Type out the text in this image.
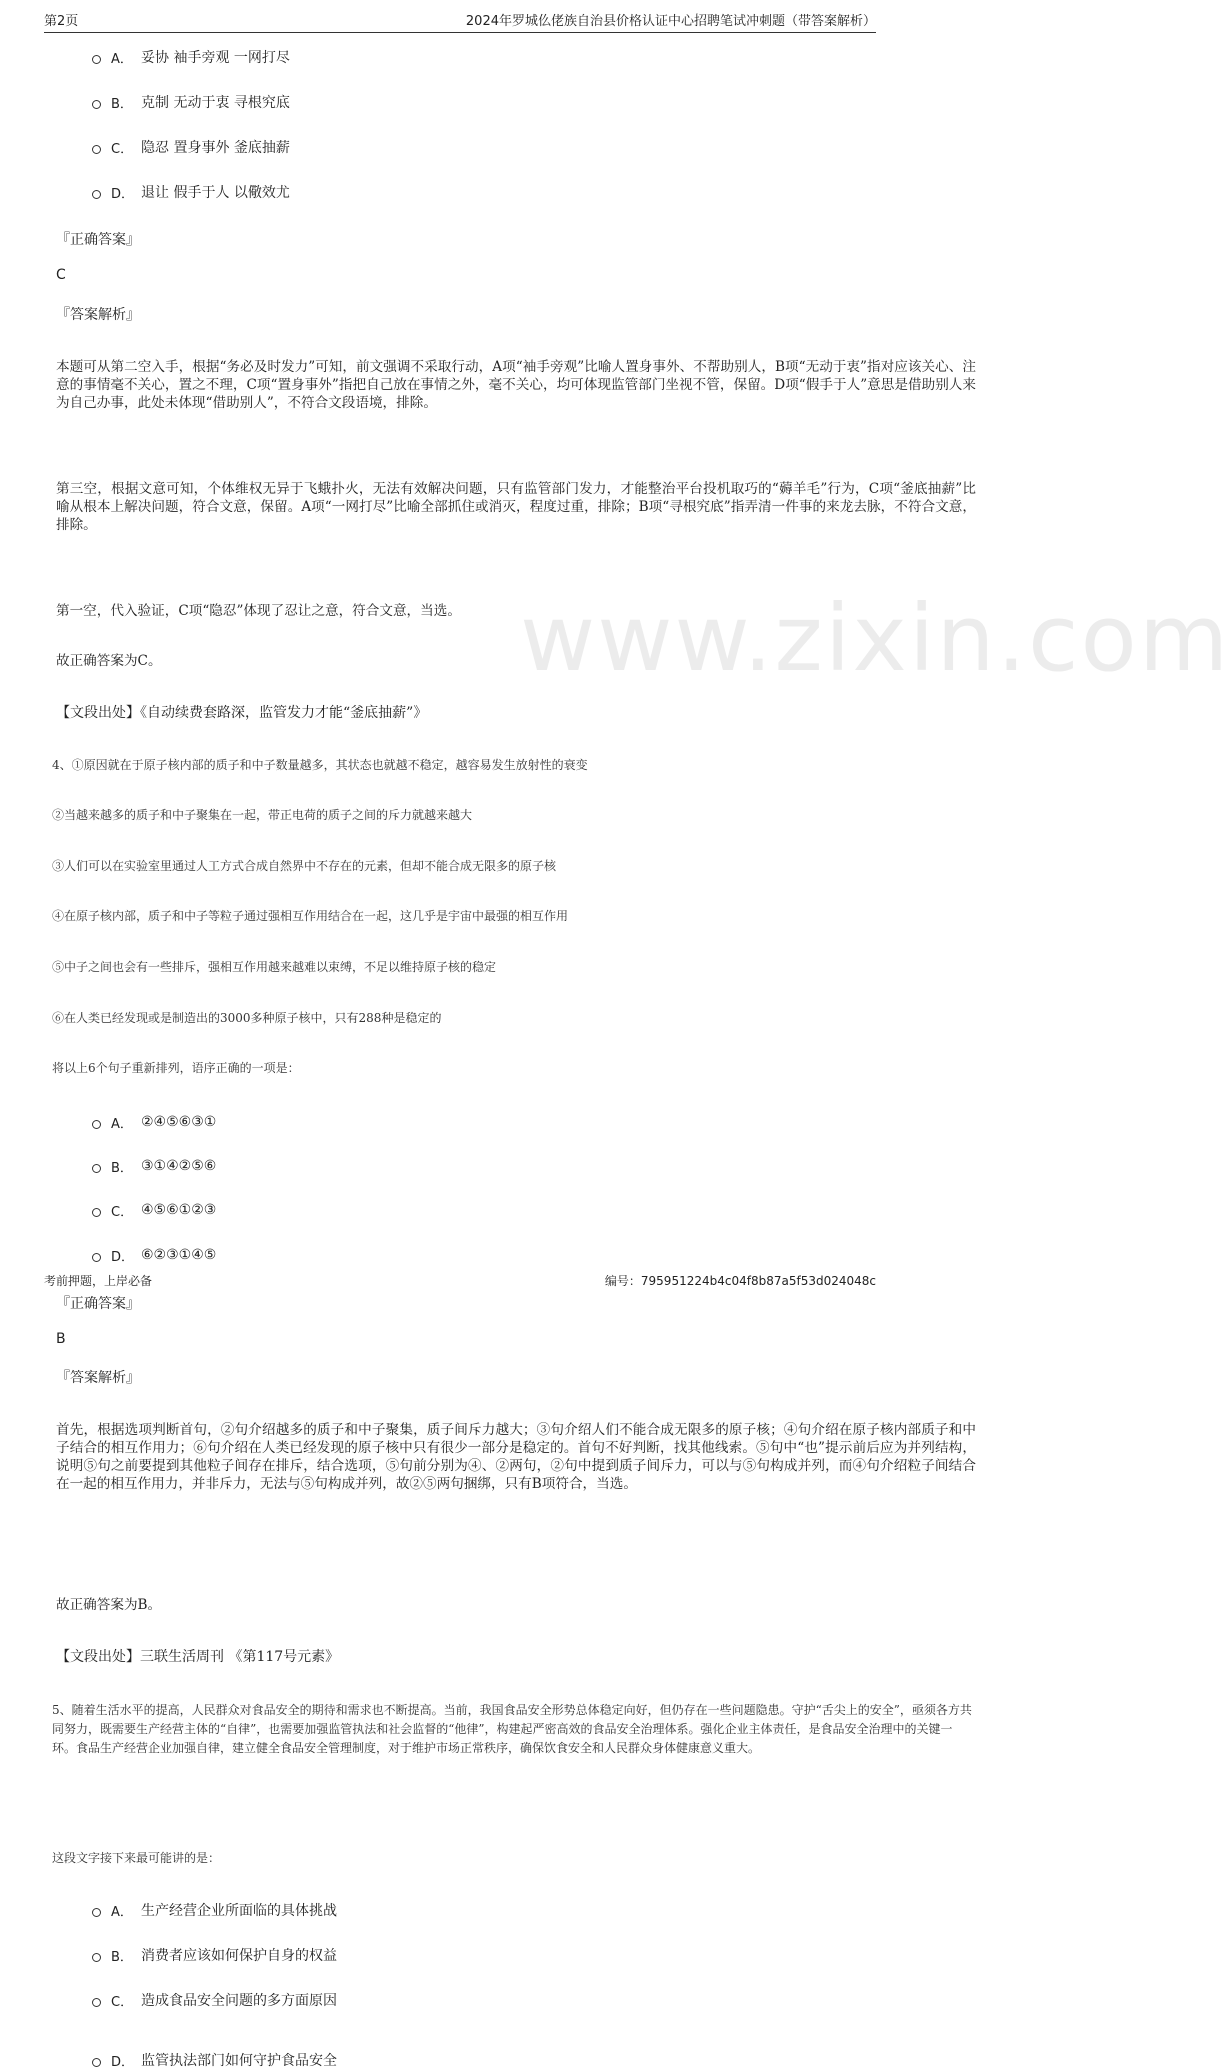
第2页	2024年罗城仫佬族自治县价格认证中心招聘笔试冲刺题（带答案解析）
www.zixin.com
A． 妥协 袖手旁观 一网打尽
B． 克制 无动于衷 寻根究底
C． 隐忍 置身事外 釜底抽薪
D． 退让 假手于人 以儆效尤
『正确答案』
C
『答案解析』
本题可从第二空入手，根据“务必及时发力”可知，前文强调不采取行动，A项“袖手旁观”比喻人置身事外、不帮助别人，B项“无动于衷”指对应该关心、注意的事情毫不关心，置之不理，C项“置身事外”指把自己放在事情之外，毫不关心，均可体现监管部门坐视不管，保留。D项“假手于人”意思是借助别人来为自己办事，此处未体现“借助别人”，不符合文段语境，排除。
第三空，根据文意可知，个体维权无异于飞蛾扑火，无法有效解决问题，只有监管部门发力，才能整治平台投机取巧的“薅羊毛”行为，C项“釜底抽薪”比喻从根本上解决问题，符合文意，保留。A项“一网打尽”比喻全部抓住或消灭，程度过重，排除；B项“寻根究底”指弄清一件事的来龙去脉，不符合文意，排除。
第一空，代入验证，C项“隐忍”体现了忍让之意，符合文意，当选。
故正确答案为C。
【文段出处】《自动续费套路深，监管发力才能“釜底抽薪”》
4、①原因就在于原子核内部的质子和中子数量越多，其状态也就越不稳定，越容易发生放射性的衰变
②当越来越多的质子和中子聚集在一起，带正电荷的质子之间的斥力就越来越大
③人们可以在实验室里通过人工方式合成自然界中不存在的元素，但却不能合成无限多的原子核
④在原子核内部，质子和中子等粒子通过强相互作用结合在一起，这几乎是宇宙中最强的相互作用
⑤中子之间也会有一些排斥，强相互作用越来越难以束缚，不足以维持原子核的稳定
⑥在人类已经发现或是制造出的3000多种原子核中，只有288种是稳定的
将以上6个句子重新排列，语序正确的一项是：
A． ②④⑤⑥③①
B． ③①④②⑤⑥
C． ④⑤⑥①②③
D． ⑥②③①④⑤
『正确答案』
B
『答案解析』
首先，根据选项判断首句，②句介绍越多的质子和中子聚集，质子间斥力越大；③句介绍人们不能合成无限多的原子核；④句介绍在原子核内部质子和中子结合的相互作用力；⑥句介绍在人类已经发现的原子核中只有很少一部分是稳定的。首句不好判断，找其他线索。⑤句中“也”提示前后应为并列结构，说明⑤句之前要提到其他粒子间存在排斥，结合选项，⑤句前分别为④、②两句，②句中提到质子间斥力，可以与⑤句构成并列，而④句介绍粒子间结合在一起的相互作用力，并非斥力，无法与⑤句构成并列，故②⑤两句捆绑，只有B项符合，当选。
故正确答案为B。
【文段出处】三联生活周刊 《第117号元素》
5、随着生活水平的提高，人民群众对食品安全的期待和需求也不断提高。当前，我国食品安全形势总体稳定向好，但仍存在一些问题隐患。守护“舌尖上的安全”，亟须各方共同努力，既需要生产经营主体的“自律”，也需要加强监管执法和社会监督的“他律”，构建起严密高效的食品安全治理体系。强化企业主体责任，是食品安全治理中的关键一环。食品生产经营企业加强自律，建立健全食品安全管理制度，对于维护市场正常秩序，确保饮食安全和人民群众身体健康意义重大。
这段文字接下来最可能讲的是：
A． 生产经营企业所面临的具体挑战
B． 消费者应该如何保护自身的权益
C． 造成食品安全问题的多方面原因
D． 监管执法部门如何守护食品安全
考前押题，上岸必备	编号：795951224b4c04f8b87a5f53d024048c
